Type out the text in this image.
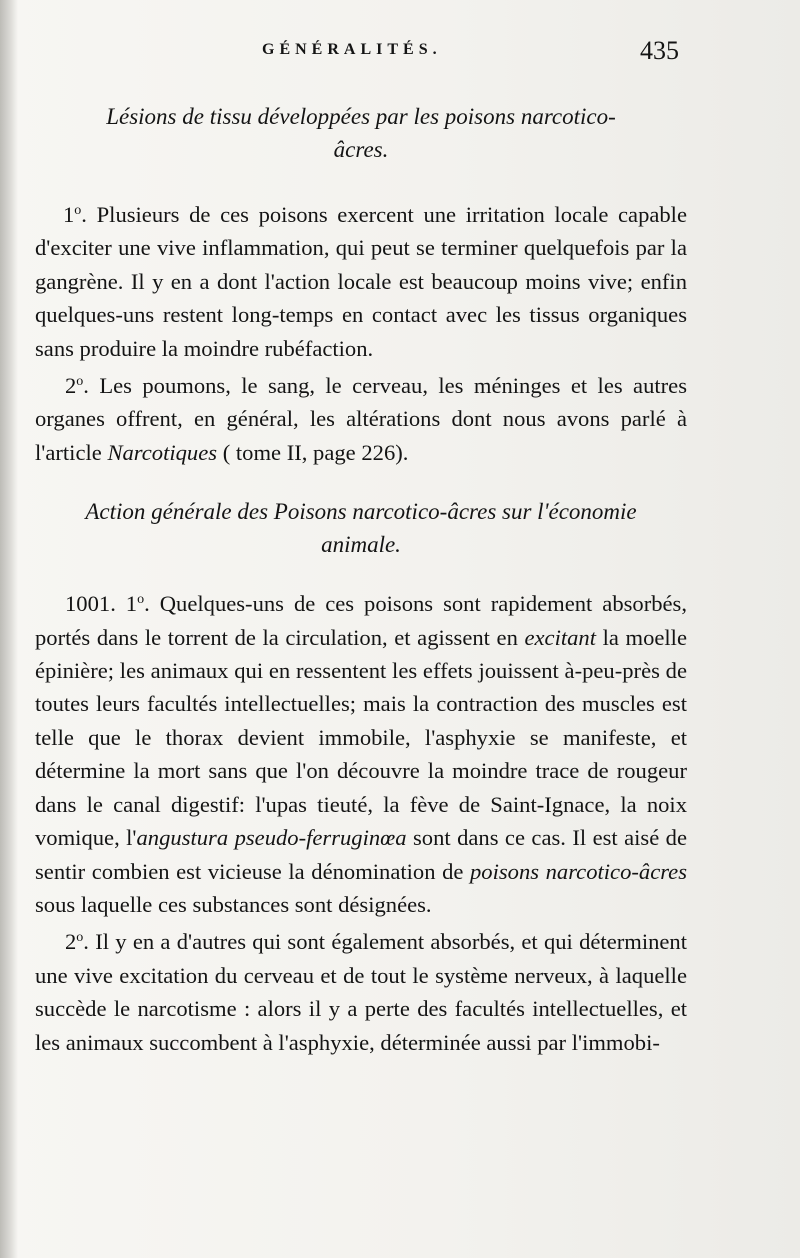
GÉNÉRALITÉS.	435

Lésions de tissu développées par les poisons narcotico-
âcres.

1$^o$. Plusieurs de ces poisons exercent une irritation locale capable d'exciter une vive inflammation, qui peut se terminer quelquefois par la gangrène. Il y en a dont l'action locale est beaucoup moins vive; enfin quelques-uns restent long-temps en contact avec les tissus organiques sans produire la moindre rubéfaction.

2$^o$. Les poumons, le sang, le cerveau, les méninges et les autres organes offrent, en général, les altérations dont nous avons parlé à l'article Narcotiques ( tome II, page 226).

Action générale des Poisons narcotico-âcres sur l'économie
animale.

1001. 1$^o$. Quelques-uns de ces poisons sont rapidement absorbés, portés dans le torrent de la circulation, et agissent en excitant la moelle épinière; les animaux qui en ressentent les effets jouissent à-peu-près de toutes leurs facultés intellectuelles; mais la contraction des muscles est telle que le thorax devient immobile, l'asphyxie se manifeste, et détermine la mort sans que l'on découvre la moindre trace de rougeur dans le canal digestif: l'upas tieuté, la fève de Saint-Ignace, la noix vomique, l'angustura pseudo-ferruginœa sont dans ce cas. Il est aisé de sentir combien est vicieuse la dénomination de poisons narcotico-âcres sous laquelle ces substances sont désignées.

2$^o$. Il y en a d'autres qui sont également absorbés, et qui déterminent une vive excitation du cerveau et de tout le système nerveux, à laquelle succède le narcotisme : alors il y a perte des facultés intellectuelles, et les animaux succombent à l'asphyxie, déterminée aussi par l'immobi-
